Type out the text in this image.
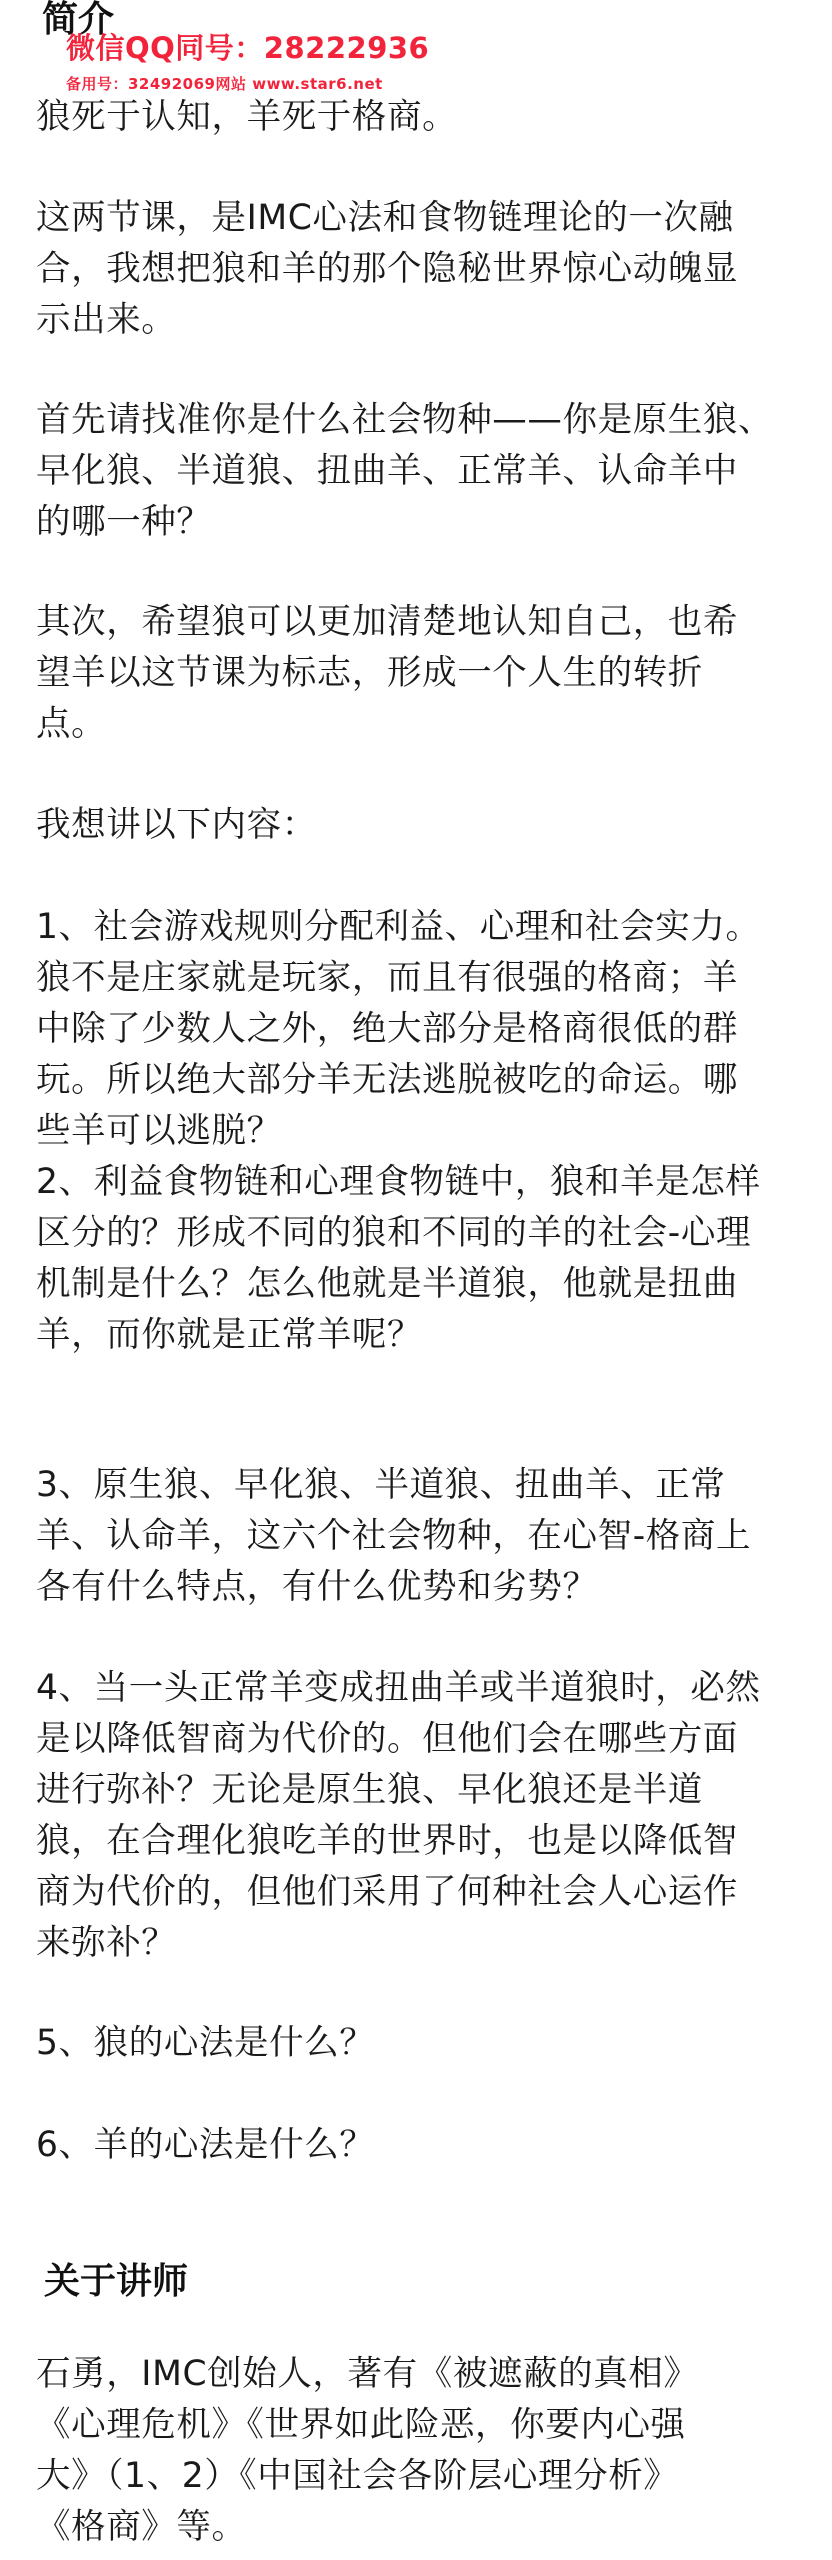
简介
微信QQ同号：28222936
备用号：32492069网站 www.star6.net
狼死于认知，羊死于格商。
这两节课，是IMC心法和食物链理论的一次融
合，我想把狼和羊的那个隐秘世界惊心动魄显
示出来。
首先请找准你是什么社会物种——你是原生狼、
早化狼、半道狼、扭曲羊、正常羊、认命羊中
的哪一种？
其次，希望狼可以更加清楚地认知自己，也希
望羊以这节课为标志，形成一个人生的转折
点。
我想讲以下内容：
1、社会游戏规则分配利益、心理和社会实力。
狼不是庄家就是玩家，而且有很强的格商；羊
中除了少数人之外，绝大部分是格商很低的群
玩。所以绝大部分羊无法逃脱被吃的命运。哪
些羊可以逃脱？
2、利益食物链和心理食物链中，狼和羊是怎样
区分的？形成不同的狼和不同的羊的社会-心理
机制是什么？怎么他就是半道狼，他就是扭曲
羊，而你就是正常羊呢？
3、原生狼、早化狼、半道狼、扭曲羊、正常
羊、认命羊，这六个社会物种，在心智-格商上
各有什么特点，有什么优势和劣势？
4、当一头正常羊变成扭曲羊或半道狼时，必然
是以降低智商为代价的。但他们会在哪些方面
进行弥补？无论是原生狼、早化狼还是半道
狼，在合理化狼吃羊的世界时，也是以降低智
商为代价的，但他们采用了何种社会人心运作
来弥补？
5、狼的心法是什么？
6、羊的心法是什么？
关于讲师
石勇，IMC创始人，著有《被遮蔽的真相》
《心理危机》《世界如此险恶，你要内心强
大》（1、2）《中国社会各阶层心理分析》
《格商》等。
